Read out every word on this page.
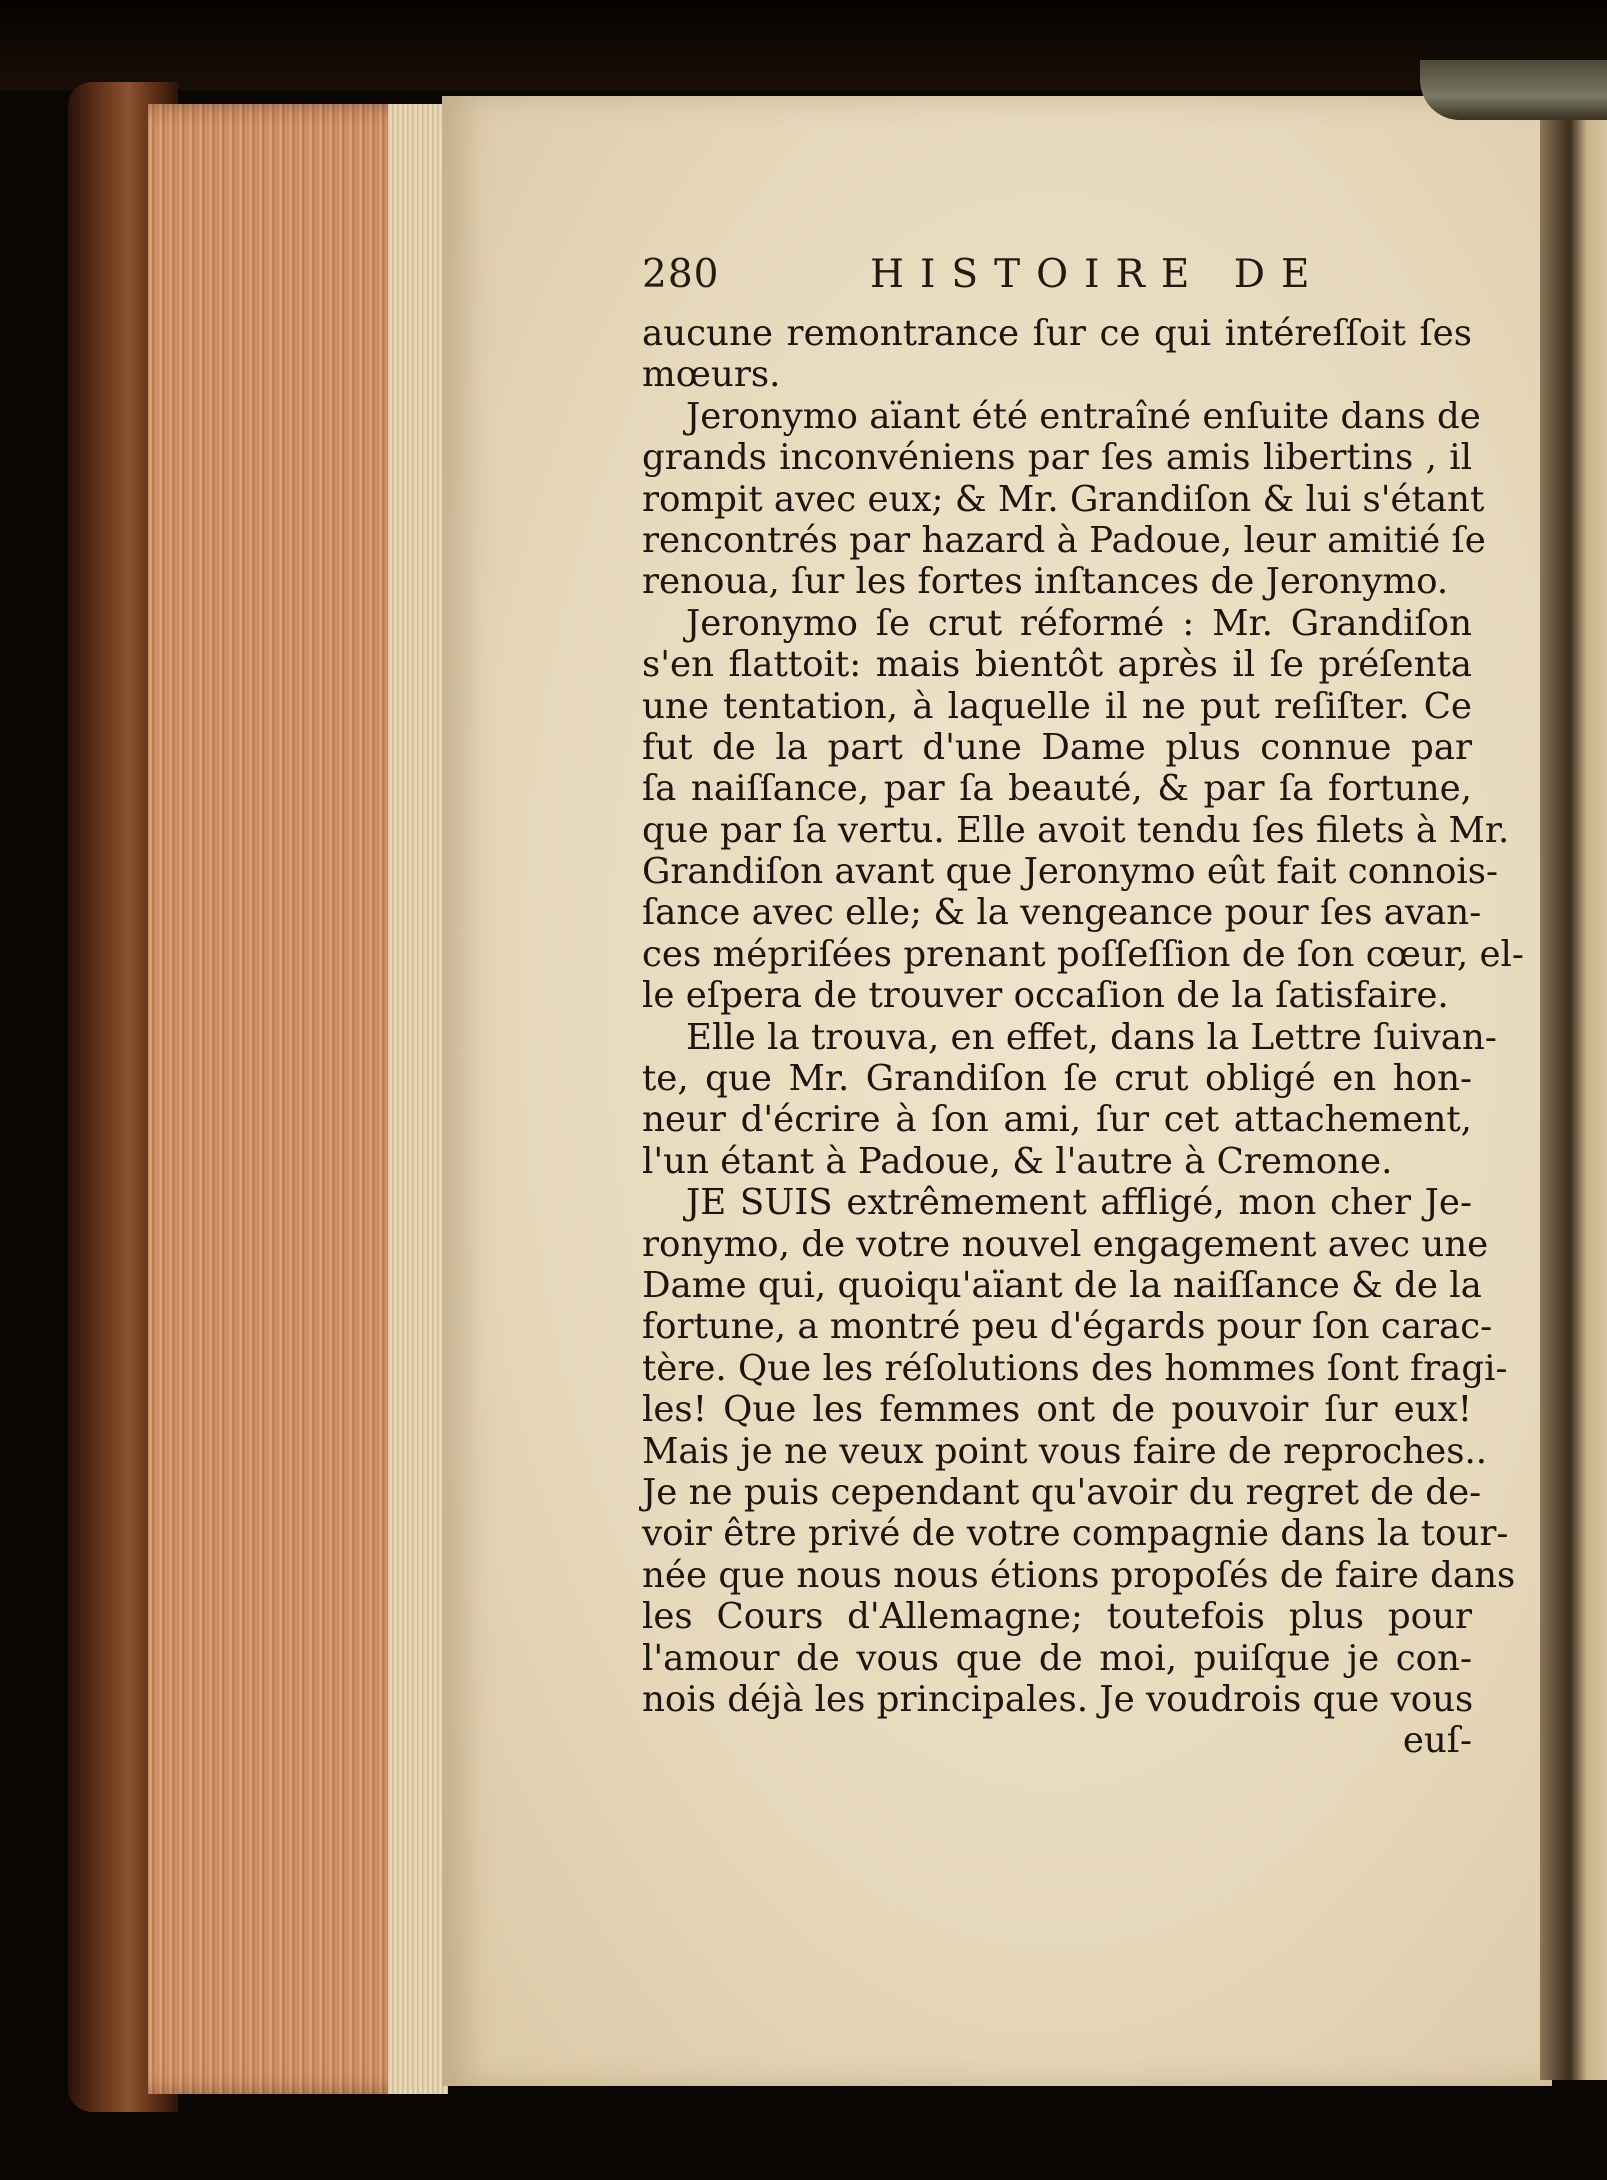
280	HISTOIRE DE
aucune remontrance ſur ce qui intéreſſoit ſes
mœurs.
Jeronymo aïant été entraîné enſuite dans de
grands inconvéniens par ſes amis libertins , il
rompit avec eux; & Mr. Grandiſon & lui s'étant
rencontrés par hazard à Padoue, leur amitié ſe
renoua, ſur les fortes inſtances de Jeronymo.
Jeronymo ſe crut réformé : Mr. Grandiſon
s'en flattoit: mais bientôt après il ſe préſenta
une tentation, à laquelle il ne put reſiſter. Ce
fut de la part d'une Dame plus connue par
ſa naiſſance, par ſa beauté, & par ſa fortune,
que par ſa vertu. Elle avoit tendu ſes filets à Mr.
Grandiſon avant que Jeronymo eût fait connois-
ſance avec elle; & la vengeance pour ſes avan-
ces mépriſées prenant poſſeſſion de ſon cœur, el-
le eſpera de trouver occaſion de la ſatisfaire.
Elle la trouva, en effet, dans la Lettre ſuivan-
te, que Mr. Grandiſon ſe crut obligé en hon-
neur d'écrire à ſon ami, ſur cet attachement,
l'un étant à Padoue, & l'autre à Cremone.
JE SUIS extrêmement affligé, mon cher Je-
ronymo, de votre nouvel engagement avec une
Dame qui, quoiqu'aïant de la naiſſance & de la
fortune, a montré peu d'égards pour ſon carac-
tère. Que les réſolutions des hommes ſont fragi-
les! Que les femmes ont de pouvoir ſur eux!
Mais je ne veux point vous faire de reproches..
Je ne puis cependant qu'avoir du regret de de-
voir être privé de votre compagnie dans la tour-
née que nous nous étions propoſés de faire dans
les Cours d'Allemagne; toutefois plus pour
l'amour de vous que de moi, puiſque je con-
nois déjà les principales. Je voudrois que vous
euſ-
